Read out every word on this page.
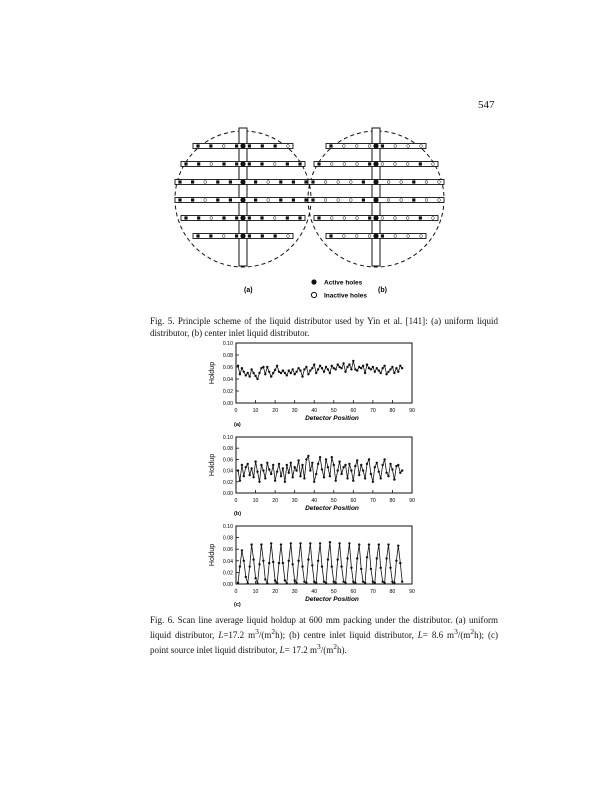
547
(a)	(b)
Active holes
Inactive holes
Fig. 5. Principle scheme of the liquid distributor used by Yin et al. [141]: (a) uniform liquid distributor, (b) center inlet liquid distributor.
0.00
0.02
0.04
0.06
0.08
0.10
0	10	20	30	40	50	60	70	80	90
Holdup
Detector Position
(a)
0.00
0.02
0.04
0.06
0.08
0.10
0	10	20	30	40	50	60	70	80	90
Holdup
Detector Position
(b)
0.00
0.02
0.04
0.06
0.08
0.10
0	10	20	30	40	50	60	70	80	90
Holdup
Detector Position
(c)
Fig. 6. Scan line average liquid holdup at 600 mm packing under the distributor. (a) uniform liquid distributor, L=17.2 $m^3/(m^2h)$; (b) centre inlet liquid distributor, L= 8.6 $m^3/(m^2h)$; (c) point source inlet liquid distributor, L= 17.2 $m^3/(m^2h)$.
